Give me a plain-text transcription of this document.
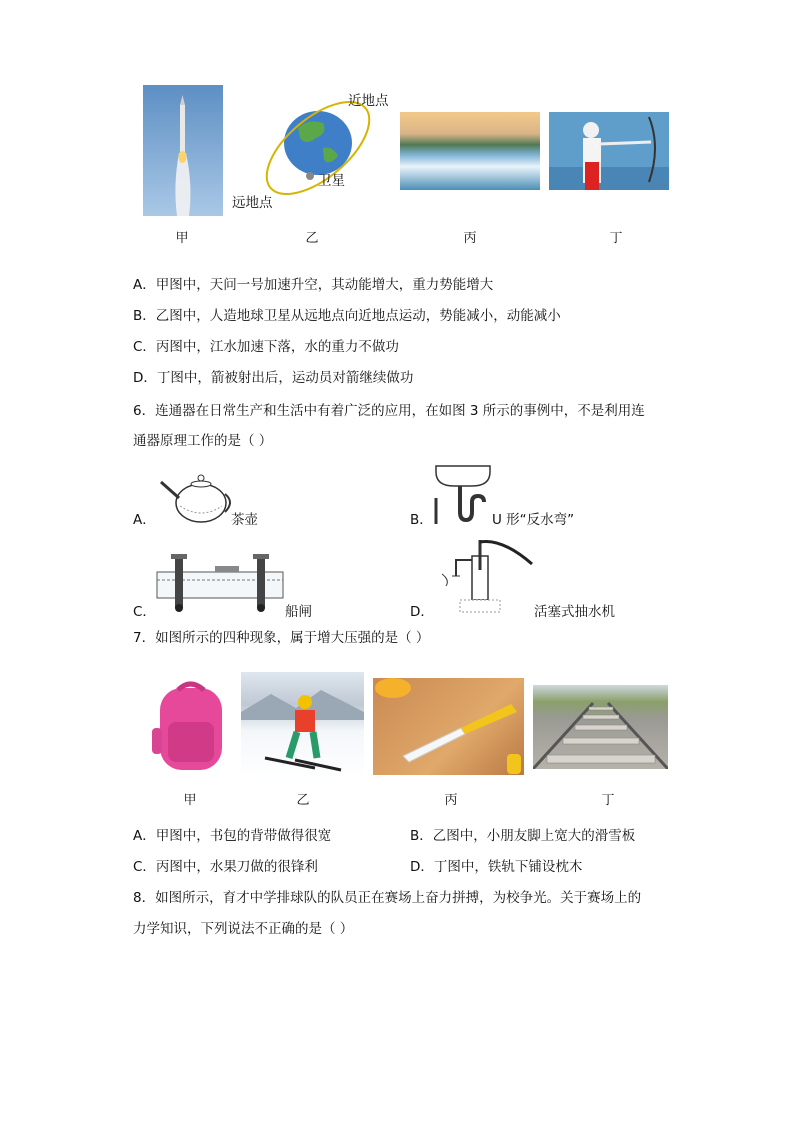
近地点
远地点
卫星
甲	乙	丙	丁
A．甲图中，天问一号加速升空，其动能增大，重力势能增大
B．乙图中，人造地球卫星从远地点向近地点运动，势能减小，动能减小
C．丙图中，江水加速下落，水的重力不做功
D．丁图中，箭被射出后，运动员对箭继续做功
6．连通器在日常生产和生活中有着广泛的应用，在如图 3 所示的事例中，不是利用连
通器原理工作的是（ ）
A．	茶壶	B．	U 形“反水弯”
C．	船闸	D．	活塞式抽水机
7．如图所示的四种现象，属于增大压强的是（ ）
甲	乙	丙	丁
A．甲图中，书包的背带做得很宽	B．乙图中，小朋友脚上宽大的滑雪板
C．丙图中，水果刀做的很锋利	D．丁图中，铁轨下铺设枕木
8．如图所示，育才中学排球队的队员正在赛场上奋力拼搏，为校争光。关于赛场上的
力学知识，下列说法不正确的是（ ）
